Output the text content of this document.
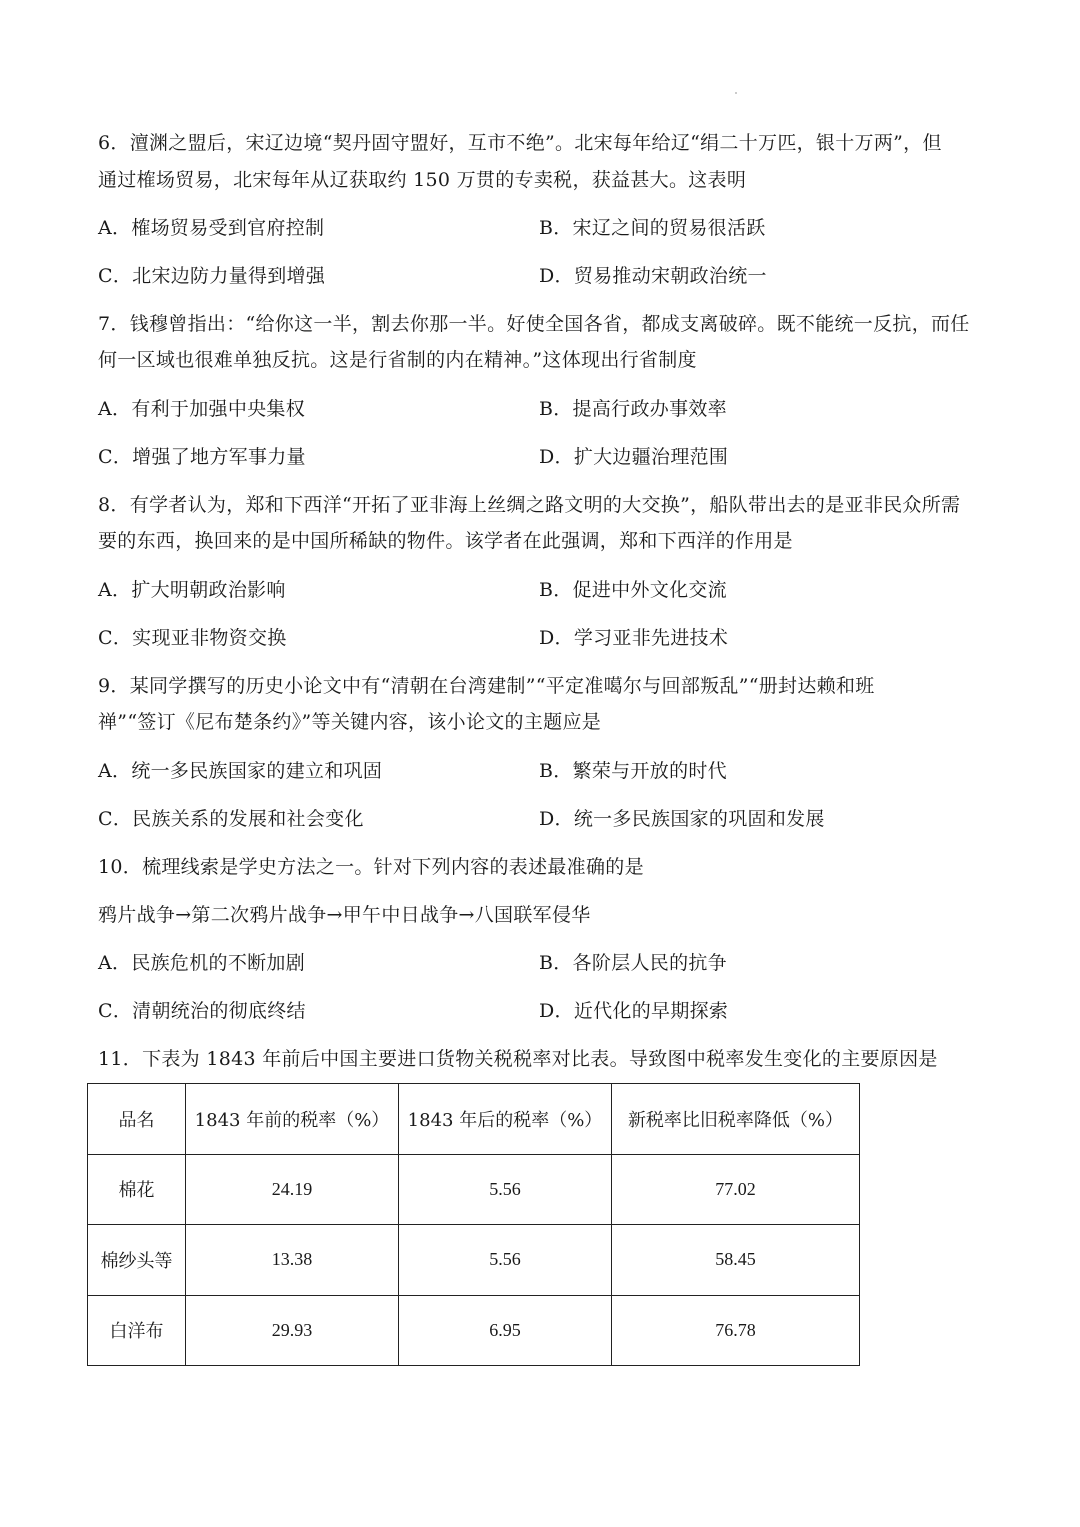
6．澶渊之盟后，宋辽边境“契丹固守盟好，互市不绝”。北宋每年给辽“绢二十万匹，银十万两”，但
通过榷场贸易，北宋每年从辽获取约 150 万贯的专卖税，获益甚大。这表明
A．榷场贸易受到官府控制	B．宋辽之间的贸易很活跃
C．北宋边防力量得到增强	D．贸易推动宋朝政治统一
7．钱穆曾指出：“给你这一半，割去你那一半。好使全国各省，都成支离破碎。既不能统一反抗，而任
何一区域也很难单独反抗。这是行省制的内在精神。”这体现出行省制度
A．有利于加强中央集权	B．提高行政办事效率
C．增强了地方军事力量	D．扩大边疆治理范围
8．有学者认为，郑和下西洋“开拓了亚非海上丝绸之路文明的大交换”，船队带出去的是亚非民众所需
要的东西，换回来的是中国所稀缺的物件。该学者在此强调，郑和下西洋的作用是
A．扩大明朝政治影响	B．促进中外文化交流
C．实现亚非物资交换	D．学习亚非先进技术
9．某同学撰写的历史小论文中有“清朝在台湾建制”“平定准噶尔与回部叛乱”“册封达赖和班
禅”“签订《尼布楚条约》”等关键内容，该小论文的主题应是
A．统一多民族国家的建立和巩固	B．繁荣与开放的时代
C．民族关系的发展和社会变化	D．统一多民族国家的巩固和发展
10．梳理线索是学史方法之一。针对下列内容的表述最准确的是
鸦片战争→第二次鸦片战争→甲午中日战争→八国联军侵华
A．民族危机的不断加剧	B．各阶层人民的抗争
C．清朝统治的彻底终结	D．近代化的早期探索
11．下表为 1843 年前后中国主要进口货物关税税率对比表。导致图中税率发生变化的主要原因是
品名	1843 年前的税率（%）	1843 年后的税率（%）	新税率比旧税率降低（%）
棉花	24.19	5.56	77.02
棉纱头等	13.38	5.56	58.45
白洋布	29.93	6.95	76.78
